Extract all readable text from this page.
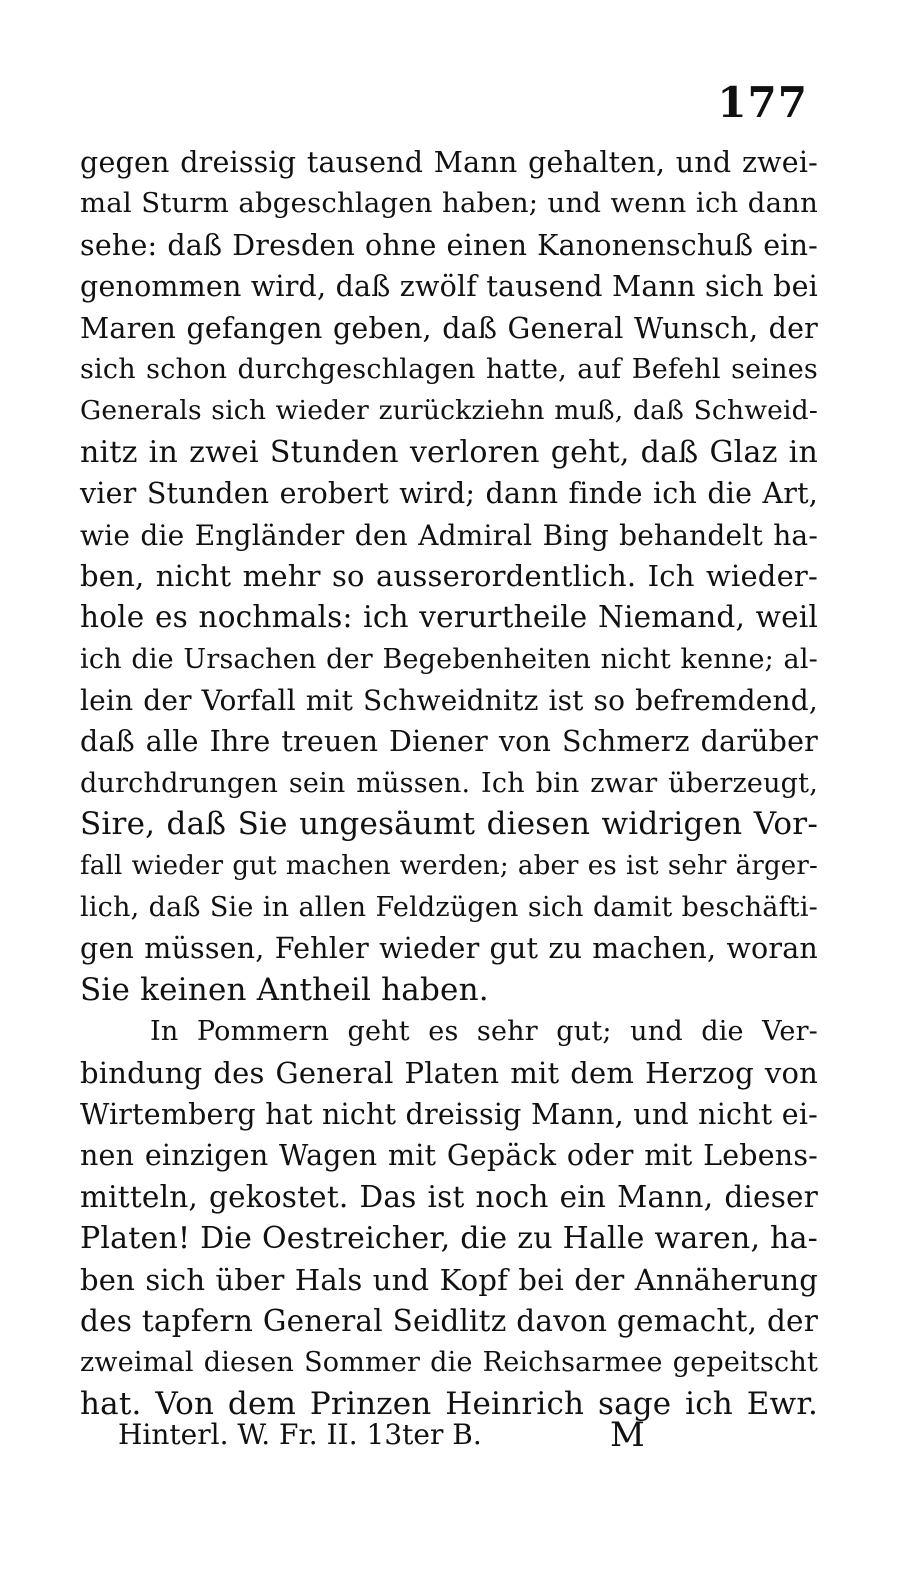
177
gegen dreissig tausend Mann gehalten, und zwei-
mal Sturm abgeschlagen haben; und wenn ich dann
sehe: daß Dresden ohne einen Kanonenschuß ein-
genommen wird, daß zwölf tausend Mann sich bei
Maren gefangen geben, daß General Wunsch, der
sich schon durchgeschlagen hatte, auf Befehl seines
Generals sich wieder zurückziehn muß, daß Schweid-
nitz in zwei Stunden verloren geht, daß Glaz in
vier Stunden erobert wird; dann finde ich die Art,
wie die Engländer den Admiral Bing behandelt ha-
ben, nicht mehr so ausserordentlich. Ich wieder-
hole es nochmals: ich verurtheile Niemand, weil
ich die Ursachen der Begebenheiten nicht kenne; al-
lein der Vorfall mit Schweidnitz ist so befremdend,
daß alle Ihre treuen Diener von Schmerz darüber
durchdrungen sein müssen. Ich bin zwar überzeugt,
Sire, daß Sie ungesäumt diesen widrigen Vor-
fall wieder gut machen werden; aber es ist sehr ärger-
lich, daß Sie in allen Feldzügen sich damit beschäfti-
gen müssen, Fehler wieder gut zu machen, woran
Sie keinen Antheil haben.
In Pommern geht es sehr gut; und die Ver-
bindung des General Platen mit dem Herzog von
Wirtemberg hat nicht dreissig Mann, und nicht ei-
nen einzigen Wagen mit Gepäck oder mit Lebens-
mitteln, gekostet. Das ist noch ein Mann, dieser
Platen! Die Oestreicher, die zu Halle waren, ha-
ben sich über Hals und Kopf bei der Annäherung
des tapfern General Seidlitz davon gemacht, der
zweimal diesen Sommer die Reichsarmee gepeitscht
hat. Von dem Prinzen Heinrich sage ich Ewr.
Hinterl. W. Fr. II. 13ter B.	M
